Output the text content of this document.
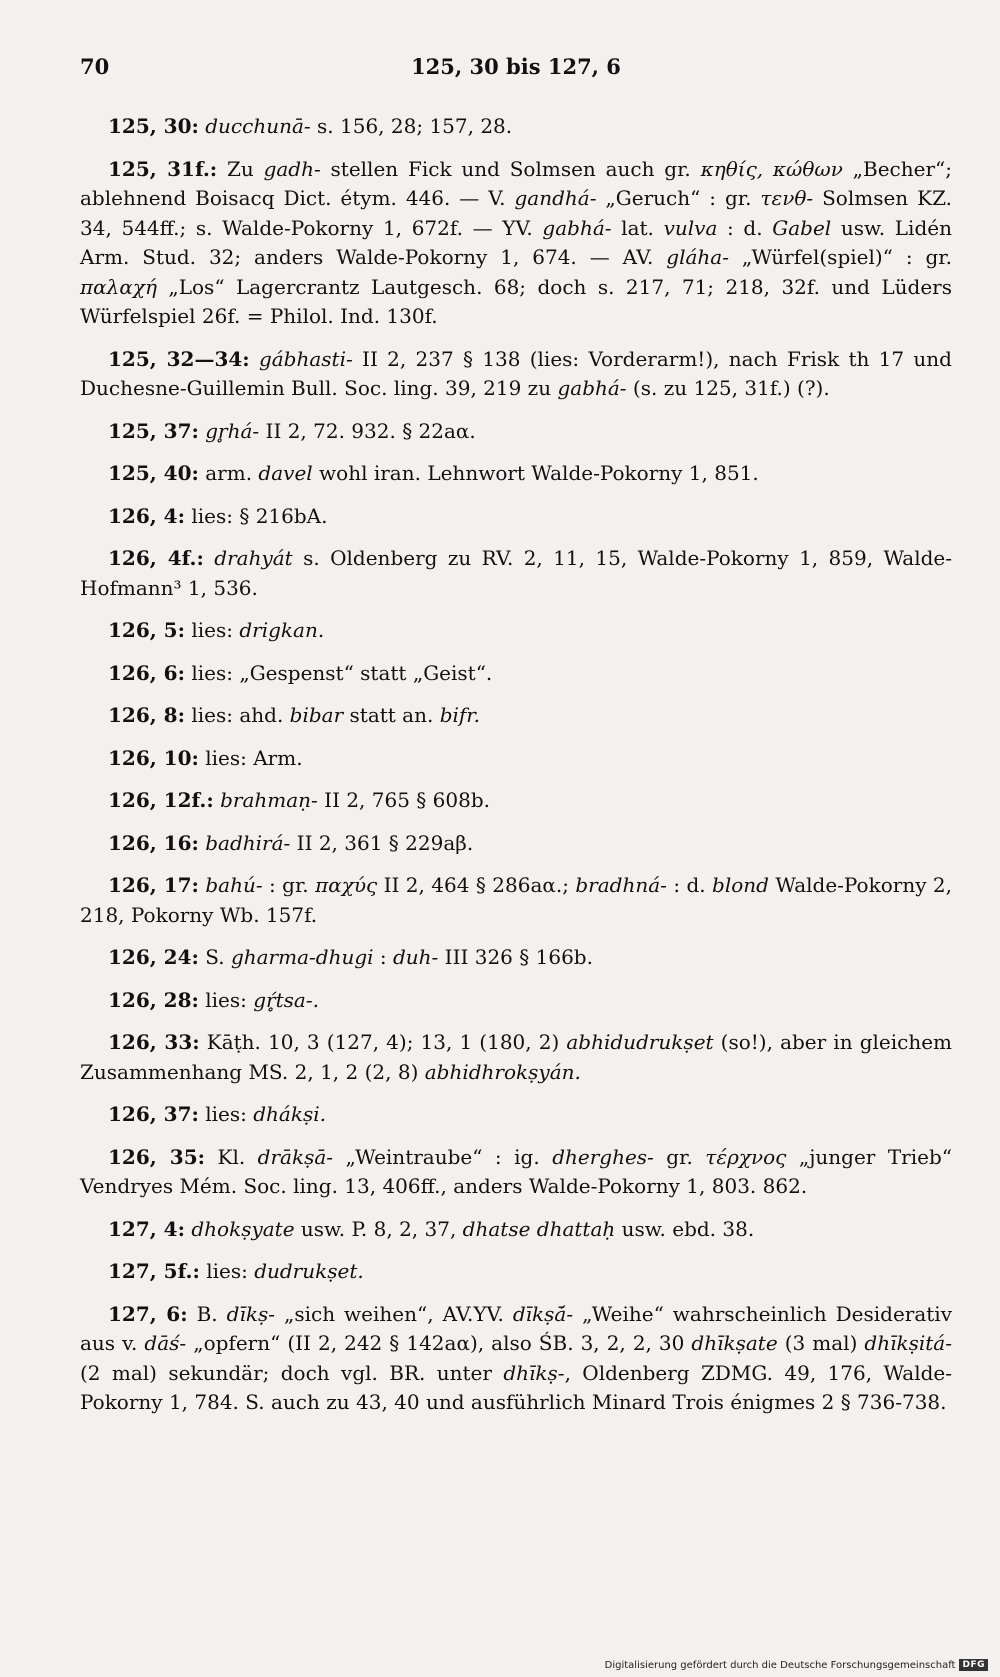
70	125, 30 bis 127, 6

125, 30: ducchunā- s. 156, 28; 157, 28.

125, 31f.: Zu gadh- stellen Fick und Solmsen auch gr. κηθίς, κώθων „Becher“; ablehnend Boisacq Dict. étym. 446. — V. gandhá- „Geruch“ : gr. τενθ- Solmsen KZ. 34, 544ff.; s. Walde-Pokorny 1, 672f. — YV. gabhá- lat. vulva : d. Gabel usw. Lidén Arm. Stud. 32; anders Walde-Pokorny 1, 674. — AV. gláha- „Würfel(spiel)“ : gr. παλαχή „Los“ Lagercrantz Lautgesch. 68; doch s. 217, 71; 218, 32f. und Lüders Würfelspiel 26f. = Philol. Ind. 130f.

125, 32—34: gábhasti- II 2, 237 § 138 (lies: Vorderarm!), nach Frisk th 17 und Duchesne-Guillemin Bull. Soc. ling. 39, 219 zu gabhá- (s. zu 125, 31f.) (?).

125, 37: gr̥há- II 2, 72. 932. § 22aα.

125, 40: arm. davel wohl iran. Lehnwort Walde-Pokorny 1, 851.

126, 4: lies: § 216bA.

126, 4f.: drahyát s. Oldenberg zu RV. 2, 11, 15, Walde-Pokorny 1, 859, Walde-Hofmann³ 1, 536.

126, 5: lies: drigkan.

126, 6: lies: „Gespenst“ statt „Geist“.

126, 8: lies: ahd. bibar statt an. bifr.

126, 10: lies: Arm.

126, 12f.: brahmaṇ- II 2, 765 § 608b.

126, 16: badhirá- II 2, 361 § 229aβ.

126, 17: bahú- : gr. παχύς II 2, 464 § 286aα.; bradhná- : d. blond Walde-Pokorny 2, 218, Pokorny Wb. 157f.

126, 24: S. gharma-dhugi : duh- III 326 § 166b.

126, 28: lies: gŕ̥tsa-.

126, 33: Kāṭh. 10, 3 (127, 4); 13, 1 (180, 2) abhidudrukṣet (so!), aber in gleichem Zusammenhang MS. 2, 1, 2 (2, 8) abhidhrokṣyán.

126, 37: lies: dhákṣi.

126, 35: Kl. drākṣā- „Weintraube“ : ig. dherghes- gr. τέρχνος „junger Trieb“ Vendryes Mém. Soc. ling. 13, 406ff., anders Walde-Pokorny 1, 803. 862.

127, 4: dhokṣyate usw. P. 8, 2, 37, dhatse dhattaḥ usw. ebd. 38.

127, 5f.: lies: dudrukṣet.

127, 6: B. dīkṣ- „sich weihen“, AV.YV. dīkṣā́- „Weihe“ wahrscheinlich Desiderativ aus v. dāś- „opfern“ (II 2, 242 § 142aα), also ŚB. 3, 2, 2, 30 dhīkṣate (3 mal) dhīkṣitá- (2 mal) sekundär; doch vgl. BR. unter dhīkṣ-, Oldenberg ZDMG. 49, 176, Walde-Pokorny 1, 784. S. auch zu 43, 40 und ausführlich Minard Trois énigmes 2 § 736-738.

Digitalisierung gefördert durch die Deutsche Forschungsgemeinschaft DFG
